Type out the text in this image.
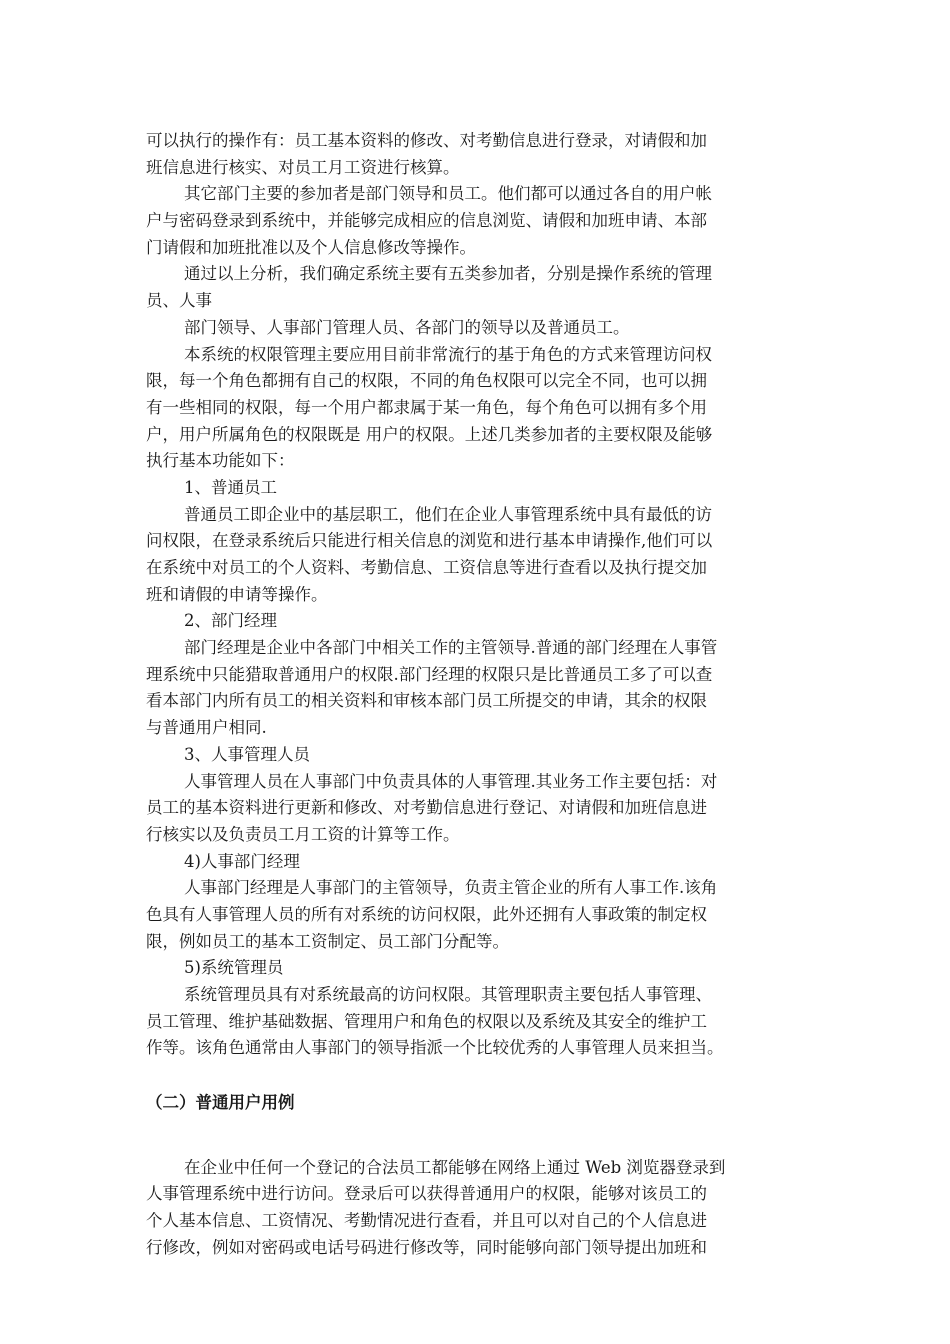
可以执行的操作有：员工基本资料的修改、对考勤信息进行登录，对请假和加
班信息进行核实、对员工月工资进行核算。
其它部门主要的参加者是部门领导和员工。他们都可以通过各自的用户帐
户与密码登录到系统中，并能够完成相应的信息浏览、请假和加班申请、本部
门请假和加班批准以及个人信息修改等操作。
通过以上分析，我们确定系统主要有五类参加者，分别是操作系统的管理
员、人事
部门领导、人事部门管理人员、各部门的领导以及普通员工。
本系统的权限管理主要应用目前非常流行的基于角色的方式来管理访问权
限，每一个角色都拥有自己的权限，不同的角色权限可以完全不同，也可以拥
有一些相同的权限，每一个用户都隶属于某一角色，每个角色可以拥有多个用
户，用户所属角色的权限既是 用户的权限。上述几类参加者的主要权限及能够
执行基本功能如下：
1、普通员工
普通员工即企业中的基层职工，他们在企业人事管理系统中具有最低的访
问权限，在登录系统后只能进行相关信息的浏览和进行基本申请操作,他们可以
在系统中对员工的个人资料、考勤信息、工资信息等进行查看以及执行提交加
班和请假的申请等操作。
2、部门经理
部门经理是企业中各部门中相关工作的主管领导.普通的部门经理在人事管
理系统中只能猎取普通用户的权限.部门经理的权限只是比普通员工多了可以查
看本部门内所有员工的相关资料和审核本部门员工所提交的申请，其余的权限
与普通用户相同.
3、人事管理人员
人事管理人员在人事部门中负责具体的人事管理.其业务工作主要包括：对
员工的基本资料进行更新和修改、对考勤信息进行登记、对请假和加班信息进
行核实以及负责员工月工资的计算等工作。
4)人事部门经理
人事部门经理是人事部门的主管领导，负责主管企业的所有人事工作.该角
色具有人事管理人员的所有对系统的访问权限，此外还拥有人事政策的制定权
限，例如员工的基本工资制定、员工部门分配等。
5)系统管理员
系统管理员具有对系统最高的访问权限。其管理职责主要包括人事管理、
员工管理、维护基础数据、管理用户和角色的权限以及系统及其安全的维护工
作等。该角色通常由人事部门的领导指派一个比较优秀的人事管理人员来担当。
（二）普通用户用例
在企业中任何一个登记的合法员工都能够在网络上通过 Web 浏览器登录到
人事管理系统中进行访问。登录后可以获得普通用户的权限，能够对该员工的
个人基本信息、工资情况、考勤情况进行查看，并且可以对自己的个人信息进
行修改，例如对密码或电话号码进行修改等，同时能够向部门领导提出加班和
